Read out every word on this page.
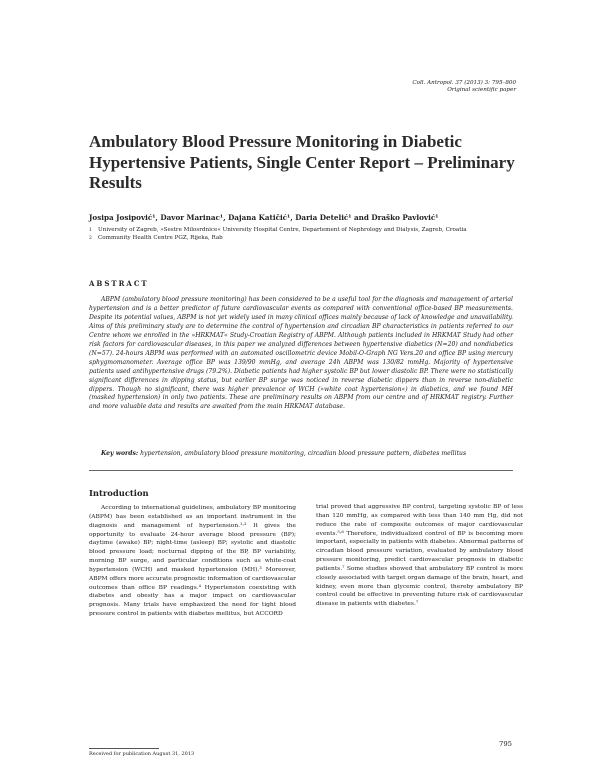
Coll. Antropol. 37 (2013) 3: 795–800
Original scientific paper
Ambulatory Blood Pressure Monitoring in Diabetic Hypertensive Patients, Single Center Report – Preliminary Results
Josipa Josipović¹, Davor Marinac¹, Dajana Katičić¹, Daria Detelić¹ and Draško Pavlović¹
1	University of Zagreb, »Sestre Milosrdnice« University Hospital Centre, Departement of Nephrology and Dialysis, Zagreb, Croatia
2	Community Health Centre PGZ, Rijeka, Rab
ABSTRACT
ABPM (ambulatory blood pressure monitoring) has been considered to be a useful tool for the diagnosis and management of arterial hypertension and is a better predictor of future cardiovascular events as compared with conventional office-based BP measurements. Despite its potential values, ABPM is not yet widely used in many clinical offices mainly because of lack of knowledge and unavailability. Aims of this preliminary study are to determine the control of hypertension and circadian BP characteristics in patients referred to our Centre whom we enrolled in the »HRKMAT« Study-Croatian Registry of ABPM. Although patients included in HRKMAT Study had other risk factors for cardiovascular diseases, in this paper we analyzed differences between hypertensive diabetics (N=20) and nondiabetics (N=57). 24-hours ABPM was performed with an automated oscillometric device Mobil-O-Graph NG Vers.20 and office BP using mercury sphygmomanometer. Average office BP was 139/90 mmHg, and average 24h ABPM was 130/82 mmHg. Majority of hypertensive patients used antihypertensive drugs (79.2%). Diabetic patients had higher systolic BP but lower diastolic BP. There were no statistically significant differences in dipping status, but earlier BP surge was noticed in reverse diabetic dippers than in reverse non-diabetic dippers. Though no significant, there was higher prevalence of WCH (»white coat hypertension«) in diabetics, and we found MH (masked hypertension) in only two patients. These are preliminary results on ABPM from our centre and of HRKMAT registry. Further and more valuable data and results are awaited from the main HRKMAT database.
Key words: hypertension, ambulatory blood pressure monitoring, circadian blood pressure pattern, diabetes mellitus
Introduction
According to international guidelines, ambulatory BP monitoring (ABPM) has been established as an important instrument in the diagnosis and management of hypertension.¹˒² It gives the opportunity to evaluate 24-hour average blood pressure (BP); daytime (awake) BP; night-time (asleep) BP; systolic and diastolic blood pressure load; nocturnal dipping of the BP, BP variability, morning BP surge, and particular conditions such as white-coat hypertension (WCH) and masked hypertension (MH).³ Moreover, ABPM offers more accurate prognostic information of cardiovascular outcomes than office BP readings.⁴ Hypertension coexisting with diabetes and obesity has a major impact on cardiovascular prognosis. Many trials have emphasized the need for tight blood pressure control in patients with diabetes mellitus, but ACCORD
trial proved that aggressive BP control, targeting systolic BP of less than 120 mmHg, as compared with less than 140 mm Hg, did not reduce the rate of composite outcomes of major cardiovascular events.⁵˒⁶ Therefore, individualized control of BP is becoming more important, especially in patients with diabetes. Abnormal patterns of circadian blood pressure variation, evaluated by ambulatory blood pressure monitoring, predict cardiovascular prognosis in diabetic patients.⁷ Some studies showed that ambulatory BP control is more closely associated with target organ damage of the brain, heart, and kidney, even more than glycemic control, thereby ambulatory BP control could be effective in preventing future risk of cardiovascular disease in patients with diabetes.⁷
Received for publication August 31, 2013
795
